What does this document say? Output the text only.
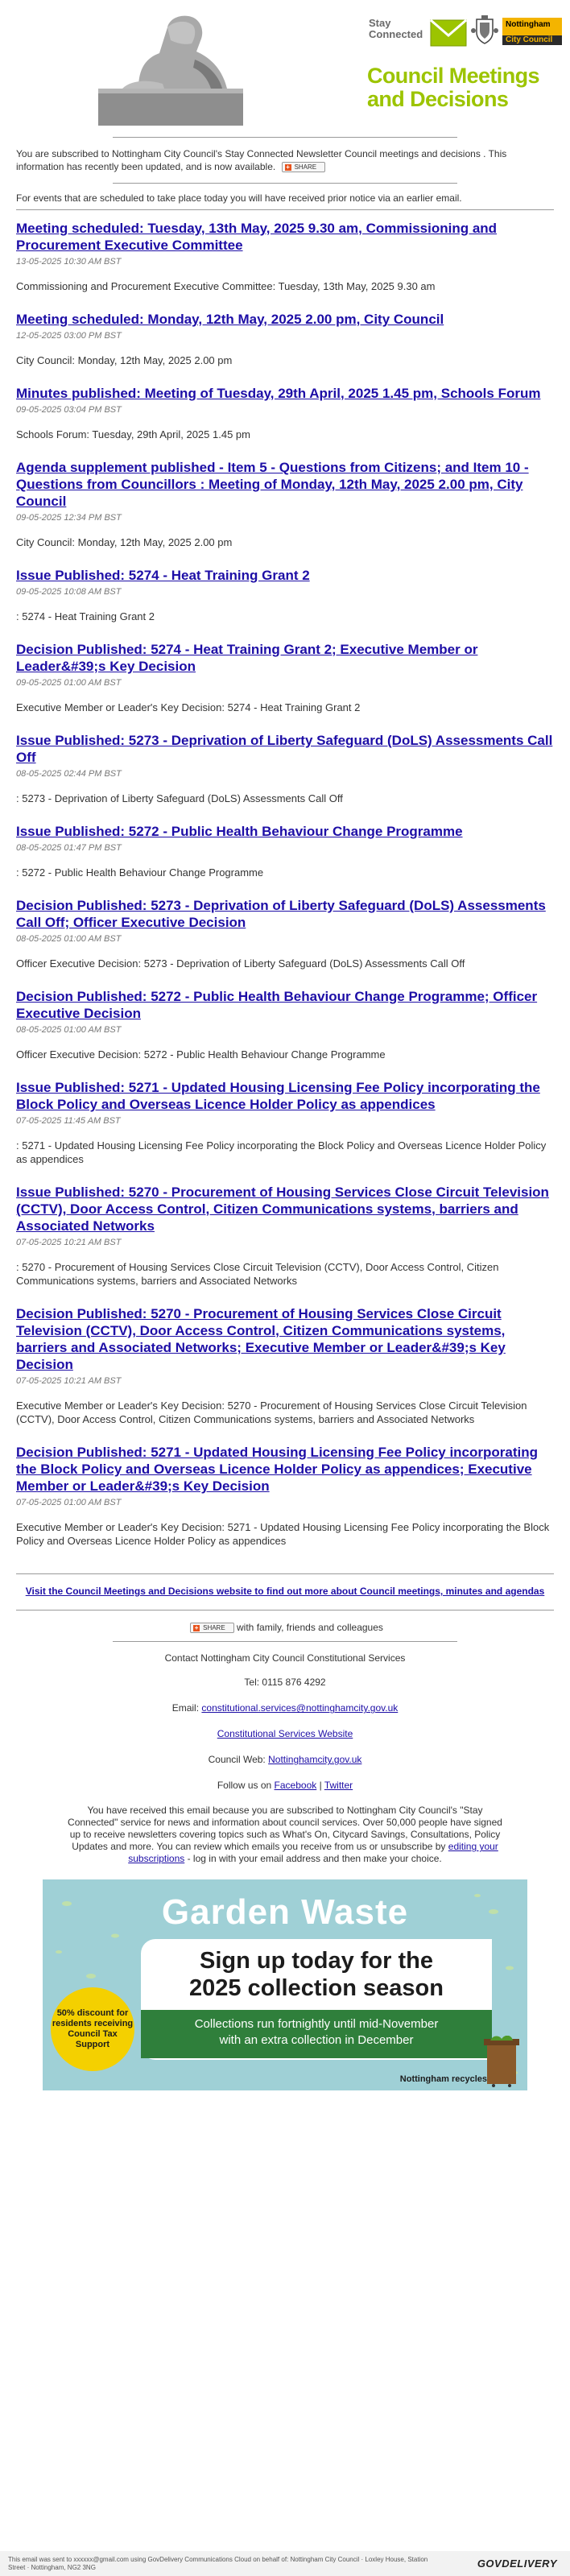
Stay
Connected
Nottingham
City Council
Council Meetings
and Decisions
You are subscribed to Nottingham City Council's Stay Connected Newsletter Council meetings and decisions . This information has recently been updated, and is now available. + SHARE
For events that are scheduled to take place today you will have received prior notice via an earlier email.
Meeting scheduled: Tuesday, 13th May, 2025 9.30 am, Commissioning and Procurement Executive Committee
13-05-2025 10:30 AM BST
Commissioning and Procurement Executive Committee: Tuesday, 13th May, 2025 9.30 am
Meeting scheduled: Monday, 12th May, 2025 2.00 pm, City Council
12-05-2025 03:00 PM BST
City Council: Monday, 12th May, 2025 2.00 pm
Minutes published: Meeting of Tuesday, 29th April, 2025 1.45 pm, Schools Forum
09-05-2025 03:04 PM BST
Schools Forum: Tuesday, 29th April, 2025 1.45 pm
Agenda supplement published - Item 5 - Questions from Citizens; and Item 10 - Questions from Councillors : Meeting of Monday, 12th May, 2025 2.00 pm, City Council
09-05-2025 12:34 PM BST
City Council: Monday, 12th May, 2025 2.00 pm
Issue Published: 5274 - Heat Training Grant 2
09-05-2025 10:08 AM BST
: 5274 - Heat Training Grant 2
Decision Published: 5274 - Heat Training Grant 2; Executive Member or Leader&#39;s Key Decision
09-05-2025 01:00 AM BST
Executive Member or Leader's Key Decision: 5274 - Heat Training Grant 2
Issue Published: 5273 - Deprivation of Liberty Safeguard (DoLS) Assessments Call Off
08-05-2025 02:44 PM BST
: 5273 - Deprivation of Liberty Safeguard (DoLS) Assessments Call Off
Issue Published: 5272 - Public Health Behaviour Change Programme
08-05-2025 01:47 PM BST
: 5272 - Public Health Behaviour Change Programme
Decision Published: 5273 - Deprivation of Liberty Safeguard (DoLS) Assessments Call Off; Officer Executive Decision
08-05-2025 01:00 AM BST
Officer Executive Decision: 5273 - Deprivation of Liberty Safeguard (DoLS) Assessments Call Off
Decision Published: 5272 - Public Health Behaviour Change Programme; Officer Executive Decision
08-05-2025 01:00 AM BST
Officer Executive Decision: 5272 - Public Health Behaviour Change Programme
Issue Published: 5271 - Updated Housing Licensing Fee Policy incorporating the Block Policy and Overseas Licence Holder Policy as appendices
07-05-2025 11:45 AM BST
: 5271 - Updated Housing Licensing Fee Policy incorporating the Block Policy and Overseas Licence Holder Policy as appendices
Issue Published: 5270 - Procurement of Housing Services Close Circuit Television (CCTV), Door Access Control, Citizen Communications systems, barriers and Associated Networks
07-05-2025 10:21 AM BST
: 5270 - Procurement of Housing Services Close Circuit Television (CCTV), Door Access Control, Citizen Communications systems, barriers and Associated Networks
Decision Published: 5270 - Procurement of Housing Services Close Circuit Television (CCTV), Door Access Control, Citizen Communications systems, barriers and Associated Networks; Executive Member or Leader&#39;s Key Decision
07-05-2025 10:21 AM BST
Executive Member or Leader's Key Decision: 5270 - Procurement of Housing Services Close Circuit Television (CCTV), Door Access Control, Citizen Communications systems, barriers and Associated Networks
Decision Published: 5271 - Updated Housing Licensing Fee Policy incorporating the Block Policy and Overseas Licence Holder Policy as appendices; Executive Member or Leader&#39;s Key Decision
07-05-2025 01:00 AM BST
Executive Member or Leader's Key Decision: 5271 - Updated Housing Licensing Fee Policy incorporating the Block Policy and Overseas Licence Holder Policy as appendices
Visit the Council Meetings and Decisions website to find out more about Council meetings, minutes and agendas
+ SHARE with family, friends and colleagues

Contact Nottingham City Council Constitutional Services

Tel: 0115 876 4292

Email: constitutional.services@nottinghamcity.gov.uk

Constitutional Services Website

Council Web: Nottinghamcity.gov.uk

Follow us on Facebook | Twitter

You have received this email because you are subscribed to Nottingham City Council's "Stay Connected" service for news and information about council services. Over 50,000 people have signed up to receive newsletters covering topics such as What's On, Citycard Savings, Consultations, Policy Updates and more. You can review which emails you receive from us or unsubscribe by editing your subscriptions - log in with your email address and then make your choice.
Garden Waste
Sign up today for the
2025 collection season
Collections run fortnightly until mid-November
with an extra collection in December
50% discount for residents receiving Council Tax Support
Nottingham recycles
This email was sent to xxxxxx@gmail.com using GovDelivery Communications Cloud on behalf of: Nottingham City Council · Loxley House, Station Street · Nottingham, NG2 3NG	GOVDELIVERY
